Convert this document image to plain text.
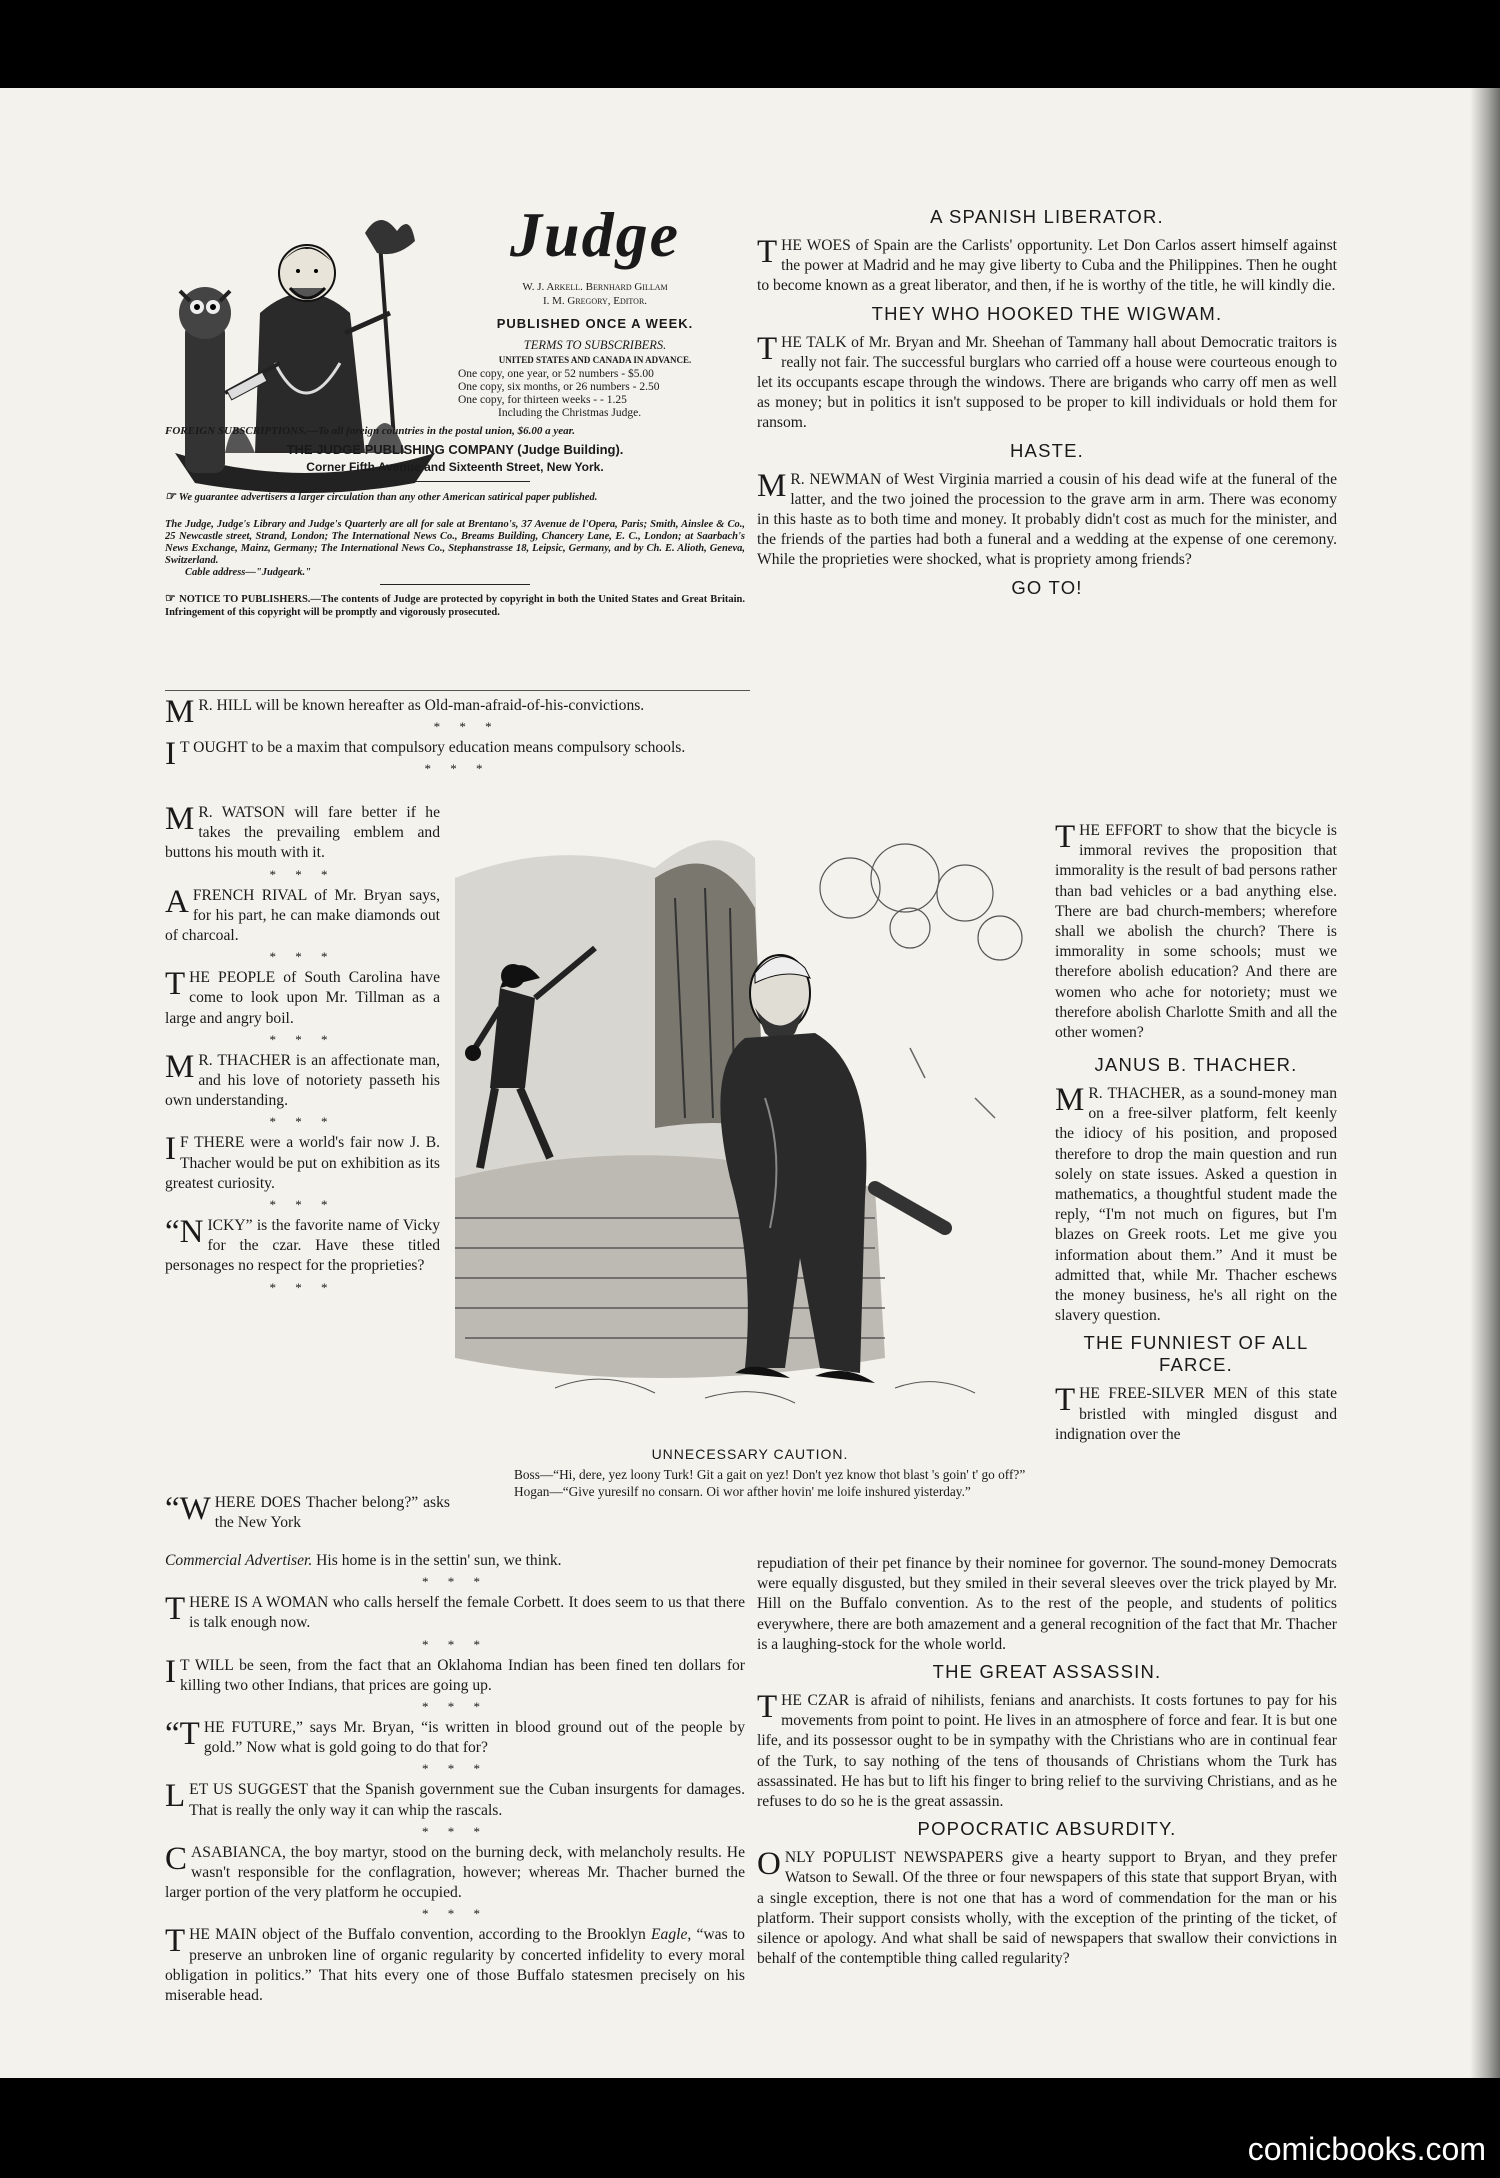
Judge
W. J. Arkell. Bernhard Gillam
I. M. Gregory, Editor.
PUBLISHED ONCE A WEEK.
TERMS TO SUBSCRIBERS.
UNITED STATES AND CANADA IN ADVANCE.
One copy, one year, or 52 numbers - $5.00
One copy, six months, or 26 numbers - 2.50
One copy, for thirteen weeks - - 1.25
Including the Christmas Judge.
FOREIGN SUBSCRIPTIONS.—To all foreign countries in the postal union, $6.00 a year.
THE JUDGE PUBLISHING COMPANY (Judge Building).
Corner Fifth Avenue and Sixteenth Street, New York.
☞ We guarantee advertisers a larger circulation than any other American satirical paper published.
The Judge, Judge's Library and Judge's Quarterly are all for sale at Brentano's, 37 Avenue de l'Opera, Paris; Smith, Ainslee & Co., 25 Newcastle street, Strand, London; The International News Co., Breams Building, Chancery Lane, E. C., London; at Saarbach's News Exchange, Mainz, Germany; The International News Co., Stephanstrasse 18, Leipsic, Germany, and by Ch. E. Alioth, Geneva, Switzerland.
Cable address—"Judgeark."
☞ NOTICE TO PUBLISHERS.—The contents of Judge are protected by copyright in both the United States and Great Britain. Infringement of this copyright will be promptly and vigorously prosecuted.

M R. HILL will be known hereafter as Old-man-afraid-of-his-convictions.

* * *

I T OUGHT to be a maxim that compulsory education means compulsory schools.

* * *

M R. WATSON will fare better if he takes the prevailing emblem and buttons his mouth with it.

* * *

A FRENCH RIVAL of Mr. Bryan says, for his part, he can make diamonds out of charcoal.

* * *

THE PEOPLE of South Carolina have come to look upon Mr. Tillman as a large and angry boil.

* * *

M R. THACHER is an affectionate man, and his love of notoriety passeth his own understanding.

* * *

I F THERE were a world's fair now J. B. Thacher would be put on exhibition as its greatest curiosity.

* * *

“NICKY” is the favorite name of Vicky for the czar. Have these titled personages no respect for the proprieties?

* * *
UNNECESSARY CAUTION.

Boss—“Hi, dere, yez loony Turk! Git a gait on yez! Don't yez know thot blast 's goin' t' go off?”

Hogan—“Give yuresilf no consarn. Oi wor afther hovin' me loife inshured yisterday.”

“WHERE DOES Thacher belong?” asks the New York

Commercial Advertiser. His home is in the settin' sun, we think.

* * *

THERE IS A WOMAN who calls herself the female Corbett. It does seem to us that there is talk enough now.

* * *

I T WILL be seen, from the fact that an Oklahoma Indian has been fined ten dollars for killing two other Indians, that prices are going up.

* * *

“THE FUTURE,” says Mr. Bryan, “is written in blood ground out of the people by gold.” Now what is gold going to do that for?

* * *

LET US SUGGEST that the Spanish government sue the Cuban insurgents for damages. That is really the only way it can whip the rascals.

* * *

CASABIANCA, the boy martyr, stood on the burning deck, with melancholy results. He wasn't responsible for the conflagration, however; whereas Mr. Thacher burned the larger portion of the very platform he occupied.

* * *

THE MAIN object of the Buffalo convention, according to the Brooklyn Eagle, “was to preserve an unbroken line of organic regularity by concerted infidelity to every moral obligation in politics.” That hits every one of those Buffalo statesmen precisely on his miserable head.

A SPANISH LIBERATOR.

THE WOES of Spain are the Carlists' opportunity. Let Don Carlos assert himself against the power at Madrid and he may give liberty to Cuba and the Philippines. Then he ought to become known as a great liberator, and then, if he is worthy of the title, he will kindly die.

THEY WHO HOOKED THE WIGWAM.

THE TALK of Mr. Bryan and Mr. Sheehan of Tammany hall about Democratic traitors is really not fair. The successful burglars who carried off a house were courteous enough to let its occupants escape through the windows. There are brigands who carry off men as well as money; but in politics it isn't supposed to be proper to kill individuals or hold them for ransom.

HASTE.

M R. NEWMAN of West Virginia married a cousin of his dead wife at the funeral of the latter, and the two joined the procession to the grave arm in arm. There was economy in this haste as to both time and money. It probably didn't cost as much for the minister, and the friends of the parties had both a funeral and a wedding at the expense of one ceremony. While the proprieties were shocked, what is propriety among friends?

GO TO!

THE EFFORT to show that the bicycle is immoral revives the proposition that immorality is the result of bad persons rather than bad vehicles or a bad anything else. There are bad church-members; wherefore shall we abolish the church? There is immorality in some schools; must we therefore abolish education? And there are women who ache for notoriety; must we therefore abolish Charlotte Smith and all the other women?

JANUS B. THACHER.

M R. THACHER, as a sound-money man on a free-silver platform, felt keenly the idiocy of his position, and proposed therefore to drop the main question and run solely on state issues. Asked a question in mathematics, a thoughtful student made the reply, “I'm not much on figures, but I'm blazes on Greek roots. Let me give you information about them.” And it must be admitted that, while Mr. Thacher eschews the money business, he's all right on the slavery question.

THE FUNNIEST OF ALL FARCE.

THE FREE-SILVER MEN of this state bristled with mingled disgust and indignation over the

repudiation of their pet finance by their nominee for governor. The sound-money Democrats were equally disgusted, but they smiled in their several sleeves over the trick played by Mr. Hill on the Buffalo convention. As to the rest of the people, and students of politics everywhere, there are both amazement and a general recognition of the fact that Mr. Thacher is a laughing-stock for the whole world.

THE GREAT ASSASSIN.

THE CZAR is afraid of nihilists, fenians and anarchists. It costs fortunes to pay for his movements from point to point. He lives in an atmosphere of force and fear. It is but one life, and its possessor ought to be in sympathy with the Christians who are in continual fear of the Turk, to say nothing of the tens of thousands of Christians whom the Turk has assassinated. He has but to lift his finger to bring relief to the surviving Christians, and as he refuses to do so he is the great assassin.

POPOCRATIC ABSURDITY.

ONLY POPULIST NEWSPAPERS give a hearty support to Bryan, and they prefer Watson to Sewall. Of the three or four newspapers of this state that support Bryan, with a single exception, there is not one that has a word of commendation for the man or his platform. Their support consists wholly, with the exception of the printing of the ticket, of silence or apology. And what shall be said of newspapers that swallow their convictions in behalf of the contemptible thing called regularity?

comicbooks.com
